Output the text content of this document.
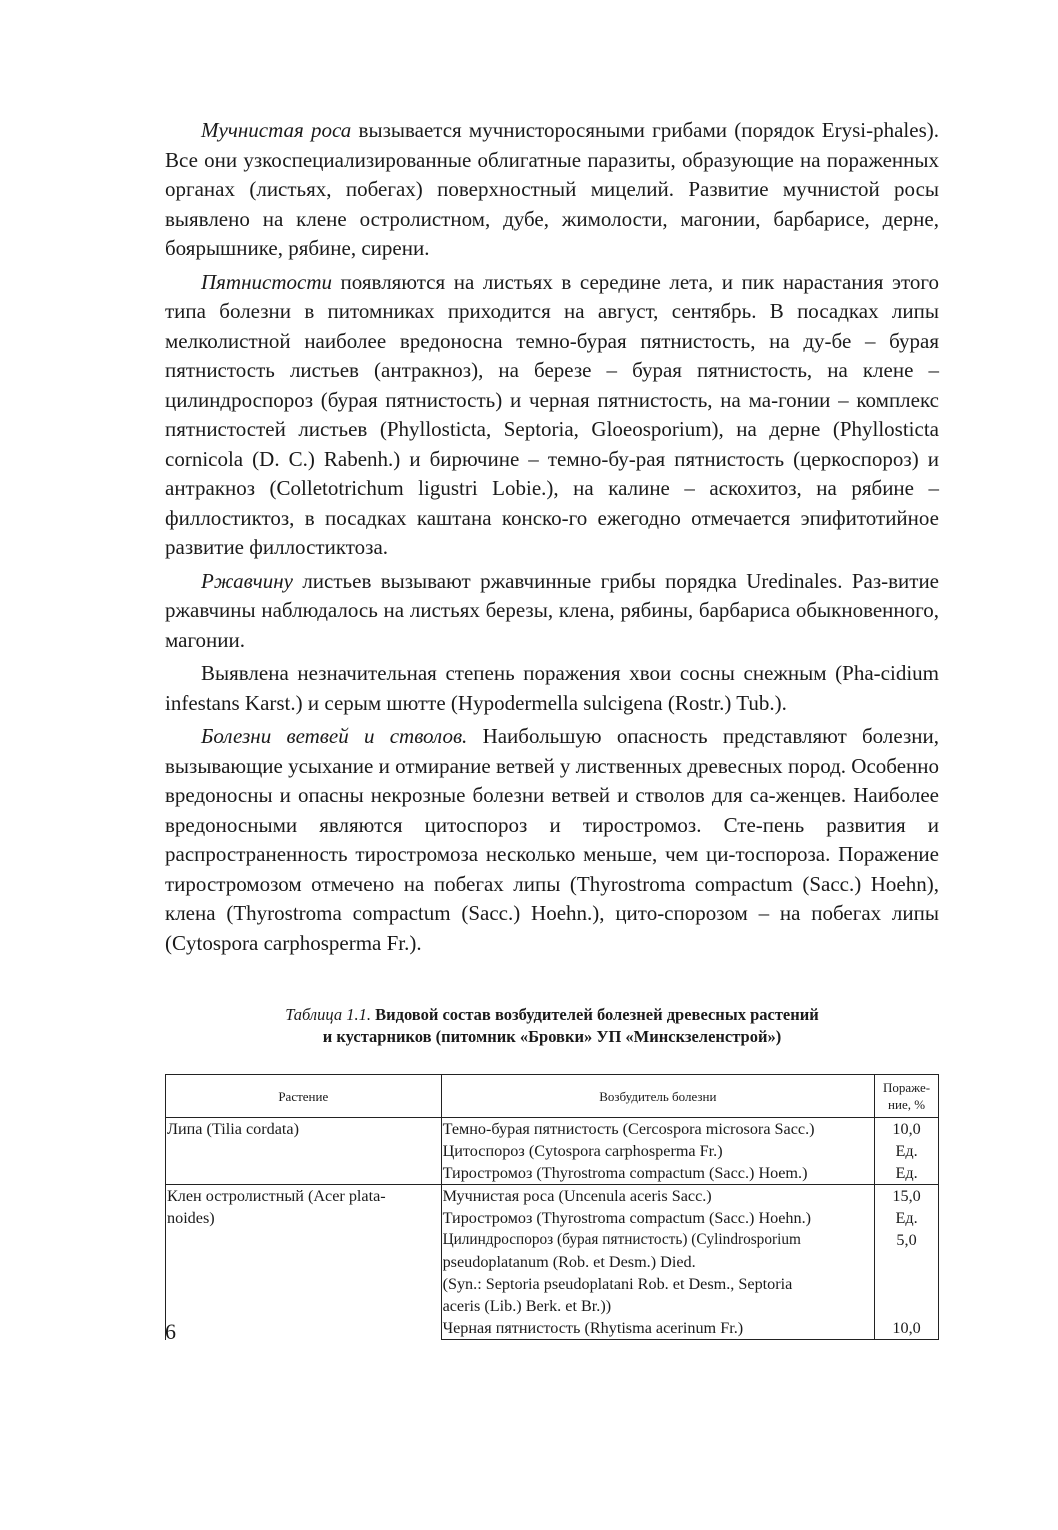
Мучнистая роса вызывается мучнисторосяными грибами (порядок Erysi-phales). Все они узкоспециализированные облигатные паразиты, образующие на пораженных органах (листьях, побегах) поверхностный мицелий. Развитие мучнистой росы выявлено на клене остролистном, дубе, жимолости, магонии, барбарисе, дерне, боярышнике, рябине, сирени.

Пятнистости появляются на листьях в середине лета, и пик нарастания этого типа болезни в питомниках приходится на август, сентябрь. В посадках липы мелколистной наиболее вредоносна темно-бурая пятнистость, на ду-бе – бурая пятнистость листьев (антракноз), на березе – бурая пятнистость, на клене – цилиндроспороз (бурая пятнистость) и черная пятнистость, на ма-гонии – комплекс пятнистостей листьев (Phyllosticta, Septoria, Gloeosporium), на дерне (Phyllosticta cornicola (D. C.) Rabenh.) и бирючине – темно-бу-рая пятнистость (церкоспороз) и антракноз (Colletotrichum ligustri Lobie.), на калине – аскохитоз, на рябине – филлостиктоз, в посадках каштана конско-го ежегодно отмечается эпифитотийное развитие филлостиктоза.

Ржавчину листьев вызывают ржавчинные грибы порядка Uredinales. Раз-витие ржавчины наблюдалось на листьях березы, клена, рябины, барбариса обыкновенного, магонии.

Выявлена незначительная степень поражения хвои сосны снежным (Pha-cidium infestans Karst.) и серым шютте (Hypodermella sulcigena (Rostr.) Tub.).

Болезни ветвей и стволов. Наибольшую опасность представляют болезни, вызывающие усыхание и отмирание ветвей у лиственных древесных пород. Особенно вредоносны и опасны некрозные болезни ветвей и стволов для са-женцев. Наиболее вредоносными являются цитоспороз и тиростромоз. Сте-пень развития и распространенность тиростромоза несколько меньше, чем ци-тоспороза. Поражение тиростромозом отмечено на побегах липы (Thyrostroma compactum (Sacc.) Hoehn), клена (Thyrostroma compactum (Sacc.) Hoehn.), цито-спорозом – на побегах липы (Cytospora carphosperma Fr.).

Таблица 1.1. Видовой состав возбудителей болезней древесных растений
и кустарников (питомник «Бровки» УП «Минскзеленстрой»)
Растение	Возбудитель болезни	Пораже-ние, %

Липа (Tilia cordata)	Темно-бурая пятнистость (Cercospora microsora Sacc.)	10,0

	Цитоспороз (Cytospora carphosperma Fr.)	Ед.

	Тиростромоз (Thyrostroma compactum (Sacc.) Hoem.)	Ед.

Клен остролистный (Acer plata-
noides)	Мучнистая роса (Uncenula aceris Sacc.)	15,0

	Тиростромоз (Thyrostroma compactum (Sacc.) Hoehn.)	Ед.

	Цилиндроспороз (бурая пятнистость) (Cylindrosporium
pseudoplatanum (Rob. et Desm.) Died.
(Syn.: Septoria pseudoplatani Rob. et Desm., Septoria
aceris (Lib.) Berk. et Br.))	5,0

	Черная пятнистость (Rhytisma acerinum Fr.)	10,0
6
